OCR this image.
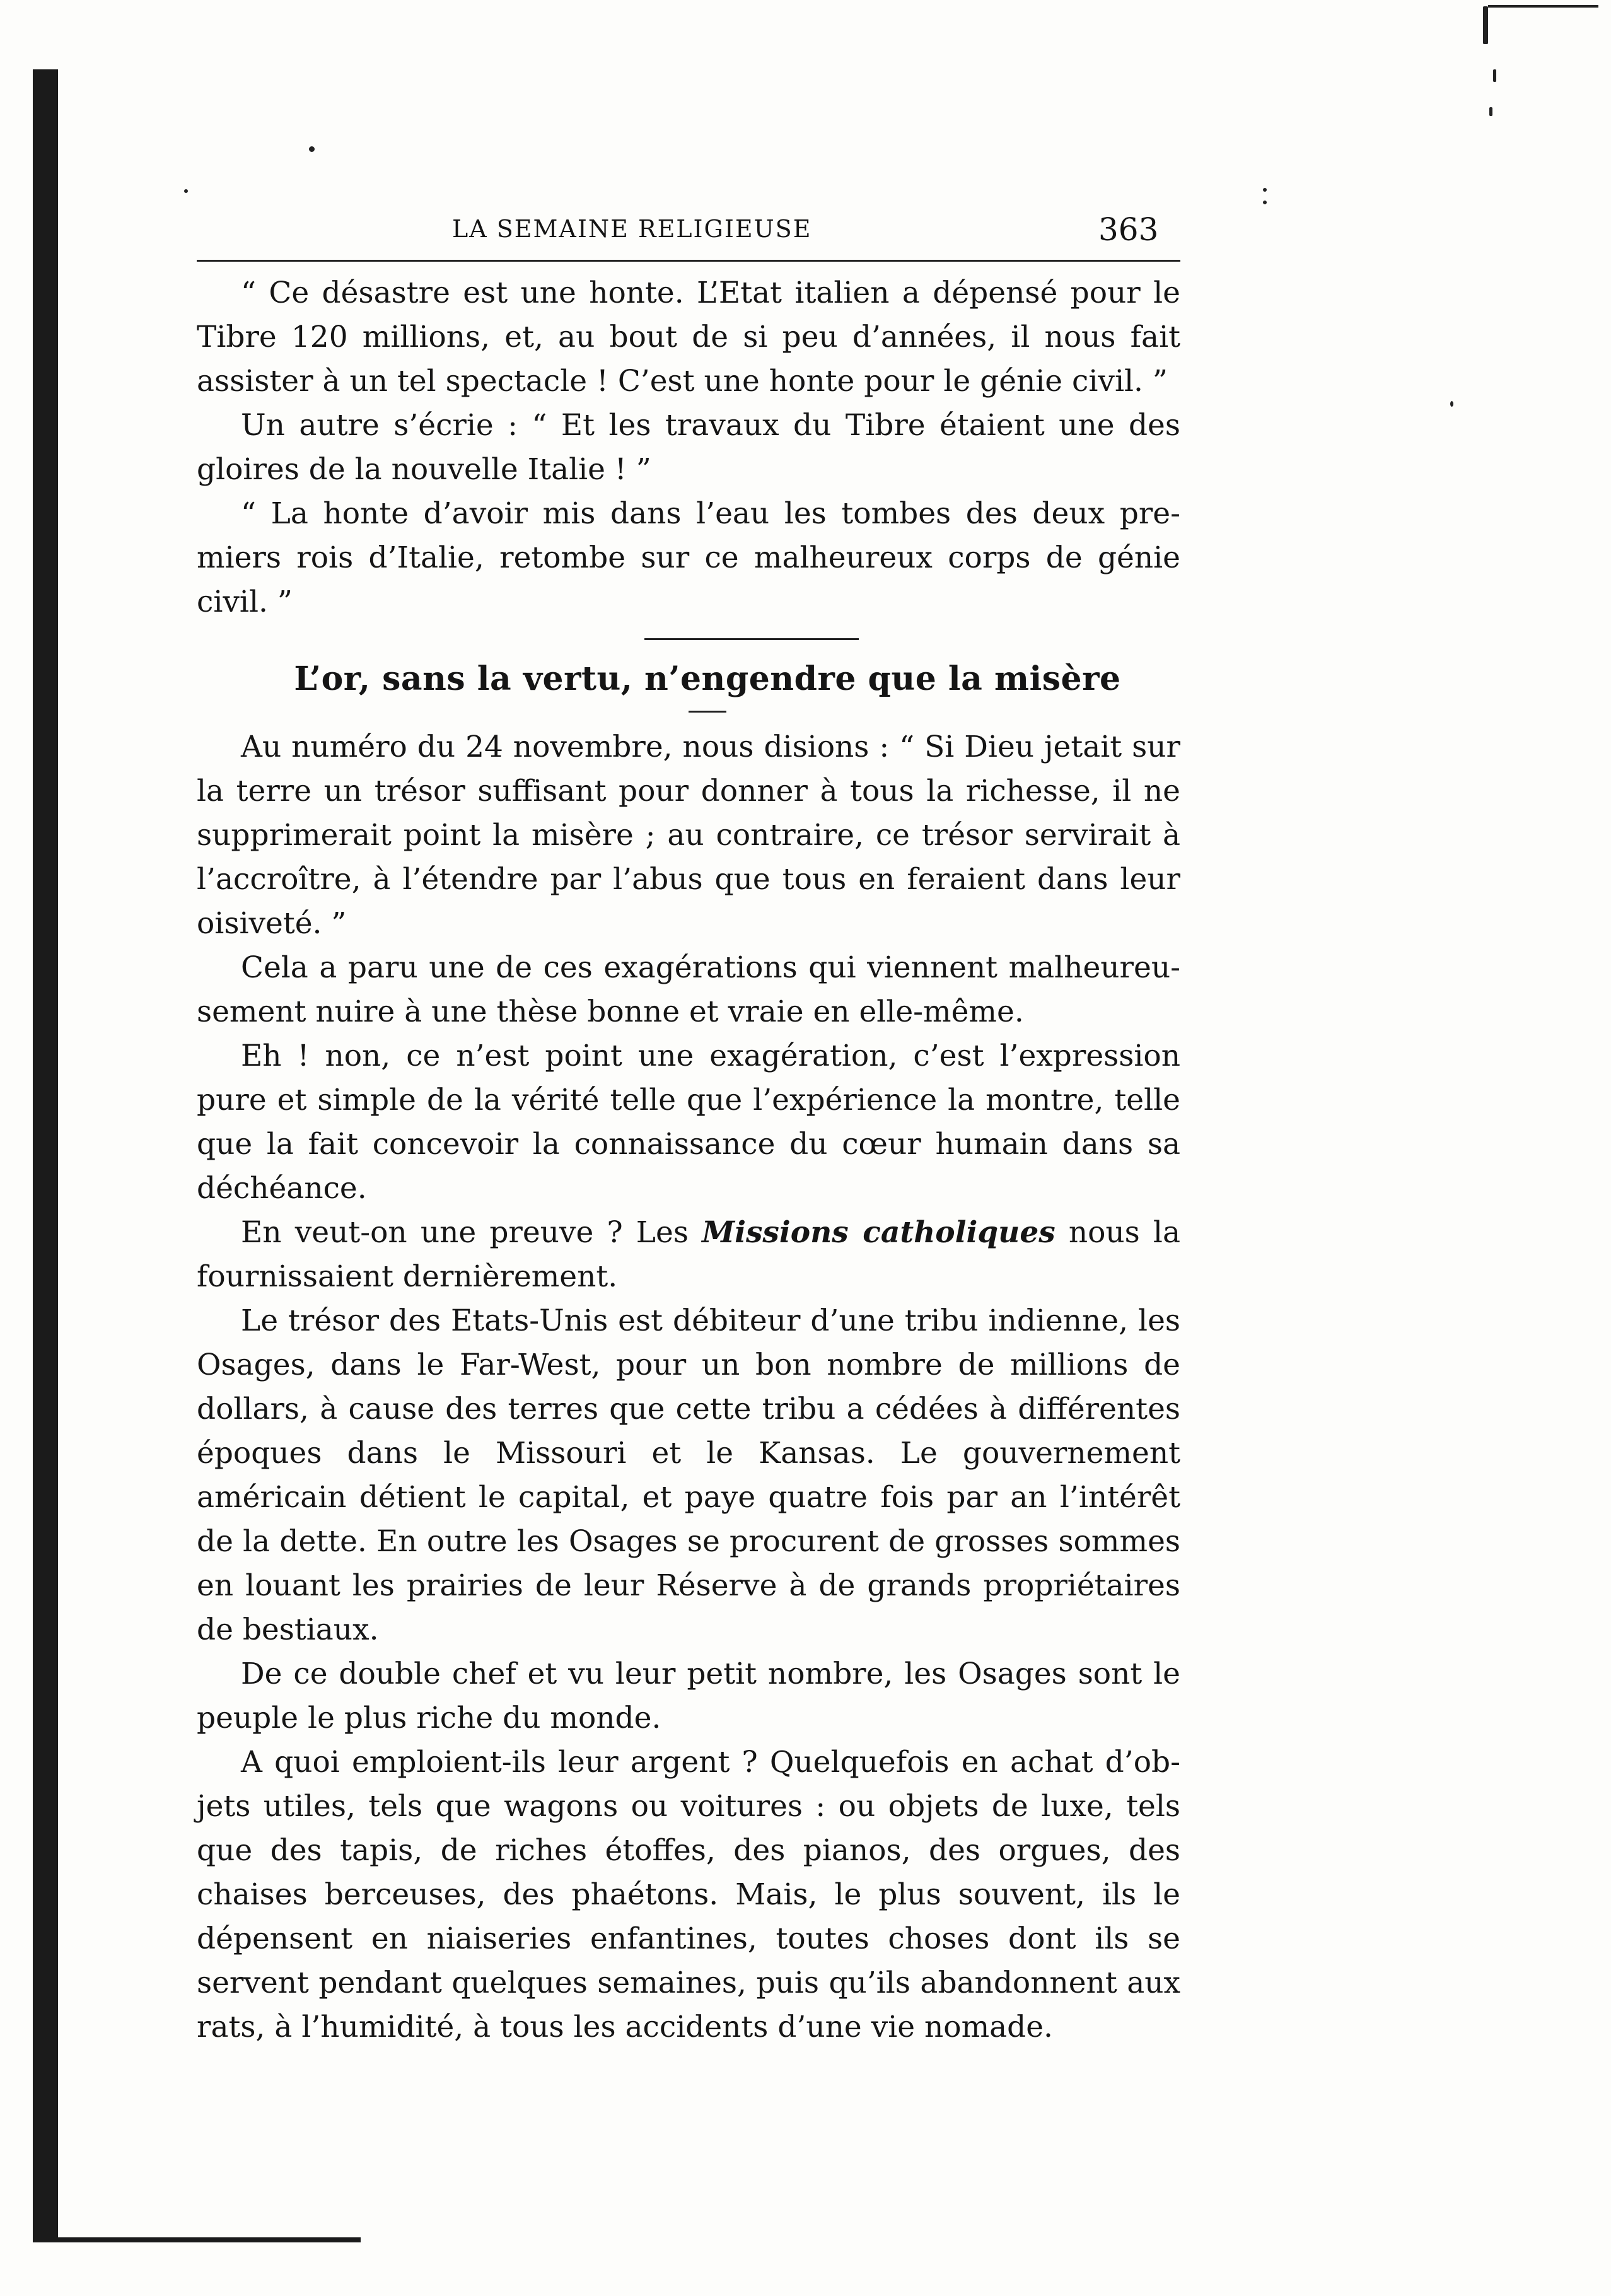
LA SEMAINE RELIGIEUSE	363

“ Ce désastre est une honte. L’Etat italien a dépensé pour le Tibre 120 millions, et, au bout de si peu d’années, il nous fait assister à un tel spectacle ! C’est une honte pour le génie civil. ”

Un autre s’écrie : “ Et les travaux du Tibre étaient une des gloires de la nouvelle Italie ! ”

“ La honte d’avoir mis dans l’eau les tombes des deux premiers rois d’Italie, retombe sur ce malheureux corps de génie civil. ”

L’or, sans la vertu, n’engendre que la misère

Au numéro du 24 novembre, nous disions : “ Si Dieu jetait sur la terre un trésor suffisant pour donner à tous la richesse, il ne supprimerait point la misère ; au contraire, ce trésor servirait à l’accroître, à l’étendre par l’abus que tous en feraient dans leur oisiveté. ”

Cela a paru une de ces exagérations qui viennent malheureusement nuire à une thèse bonne et vraie en elle-même.

Eh ! non, ce n’est point une exagération, c’est l’expression pure et simple de la vérité telle que l’expérience la montre, telle que la fait concevoir la connaissance du cœur humain dans sa déchéance.

En veut-on une preuve ? Les Missions catholiques nous la fournissaient dernièrement.

Le trésor des Etats-Unis est débiteur d’une tribu indienne, les Osages, dans le Far-West, pour un bon nombre de millions de dollars, à cause des terres que cette tribu a cédées à différentes époques dans le Missouri et le Kansas. Le gouvernement américain détient le capital, et paye quatre fois par an l’intérêt de la dette. En outre les Osages se procurent de grosses sommes en louant les prairies de leur Réserve à de grands propriétaires de bestiaux.

De ce double chef et vu leur petit nombre, les Osages sont le peuple le plus riche du monde.

A quoi emploient-ils leur argent ? Quelquefois en achat d’objets utiles, tels que wagons ou voitures : ou objets de luxe, tels que des tapis, de riches étoffes, des pianos, des orgues, des chaises berceuses, des phaétons. Mais, le plus souvent, ils le dépensent en niaiseries enfantines, toutes choses dont ils se servent pendant quelques semaines, puis qu’ils abandonnent aux rats, à l’humidité, à tous les accidents d’une vie nomade.
